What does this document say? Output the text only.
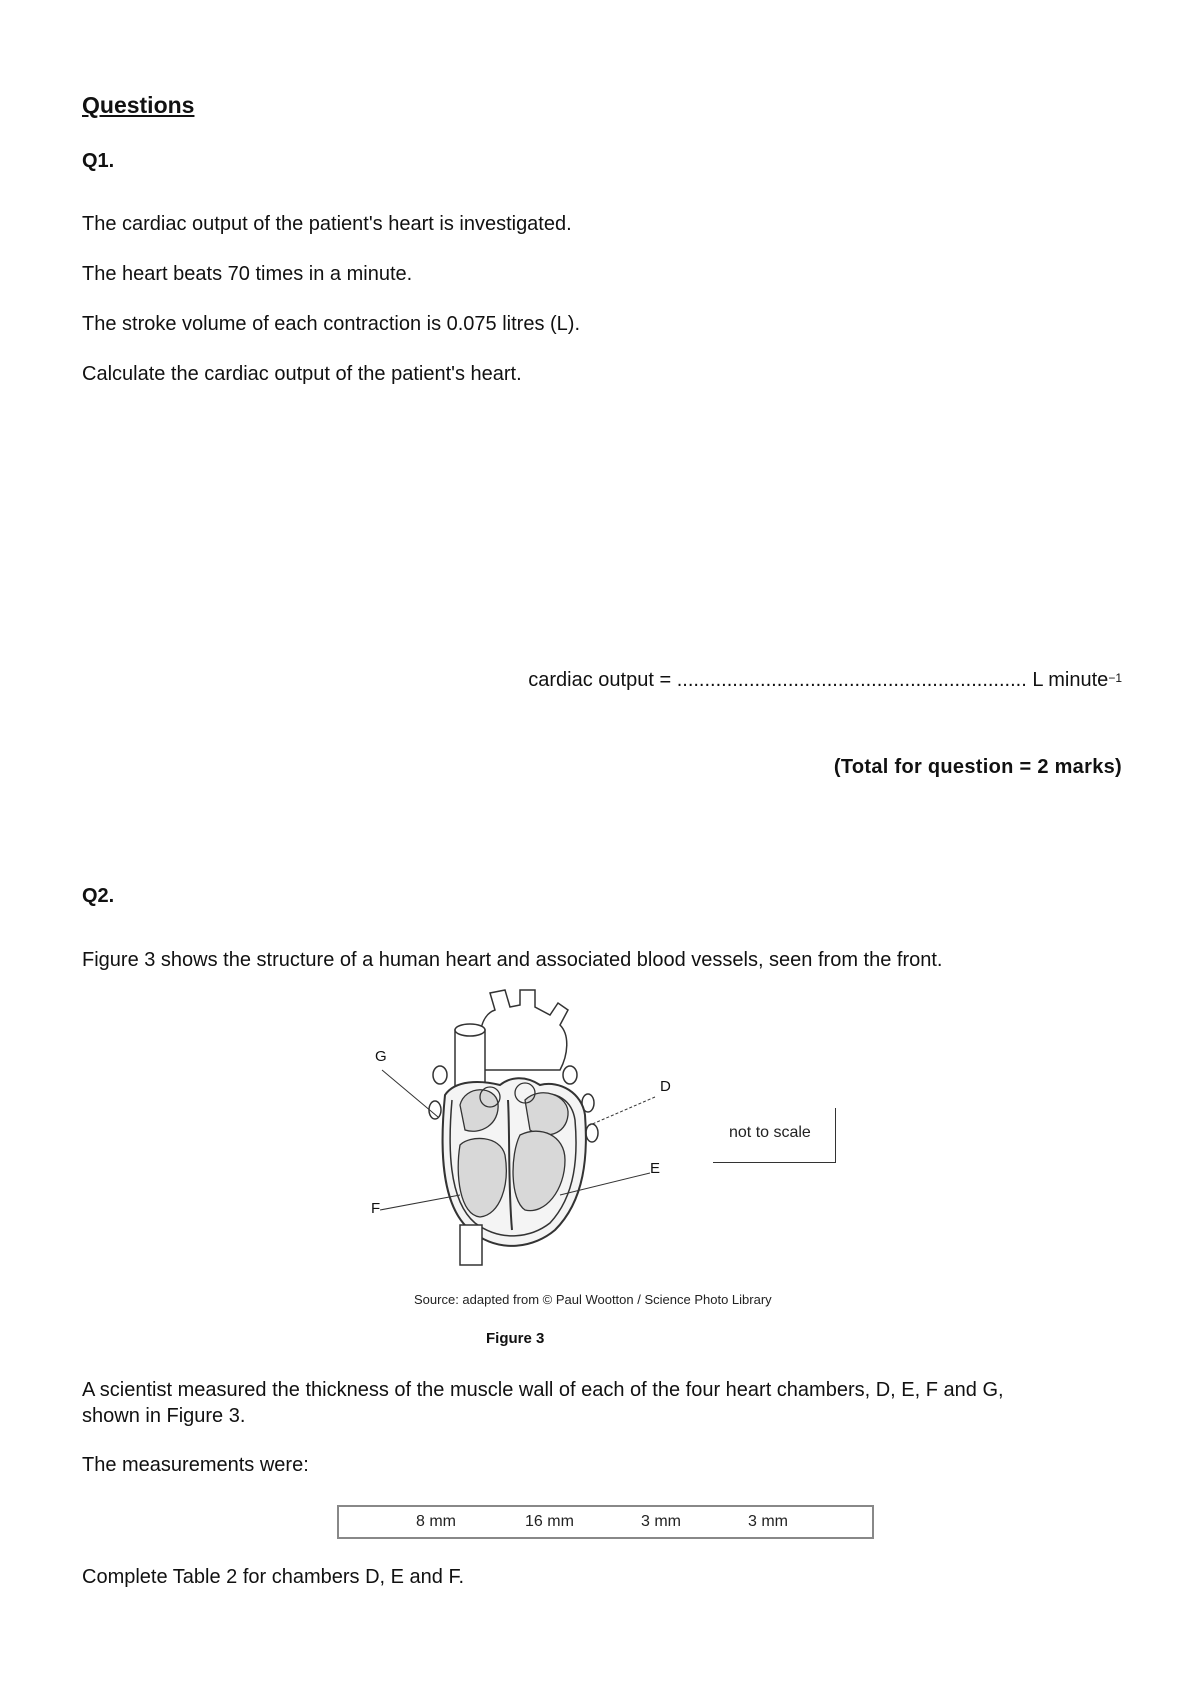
Questions
Q1.
The cardiac output of the patient's heart is investigated.
The heart beats 70 times in a minute.
The stroke volume of each contraction is 0.075 litres (L).
Calculate the cardiac output of the patient's heart.
cardiac output = ............................................................... L minute$^{-1}$
(Total for question = 2 marks)
Q2.
Figure 3 shows the structure of a human heart and associated blood vessels, seen from the front.
G
D
E
F
not to scale
Source: adapted from © Paul Wootton / Science Photo Library
Figure 3
A scientist measured the thickness of the muscle wall of each of the four heart chambers, D, E, F and G,
shown in Figure 3.
The measurements were:
8 mm	16 mm	3 mm	3 mm
Complete Table 2 for chambers D, E and F.
